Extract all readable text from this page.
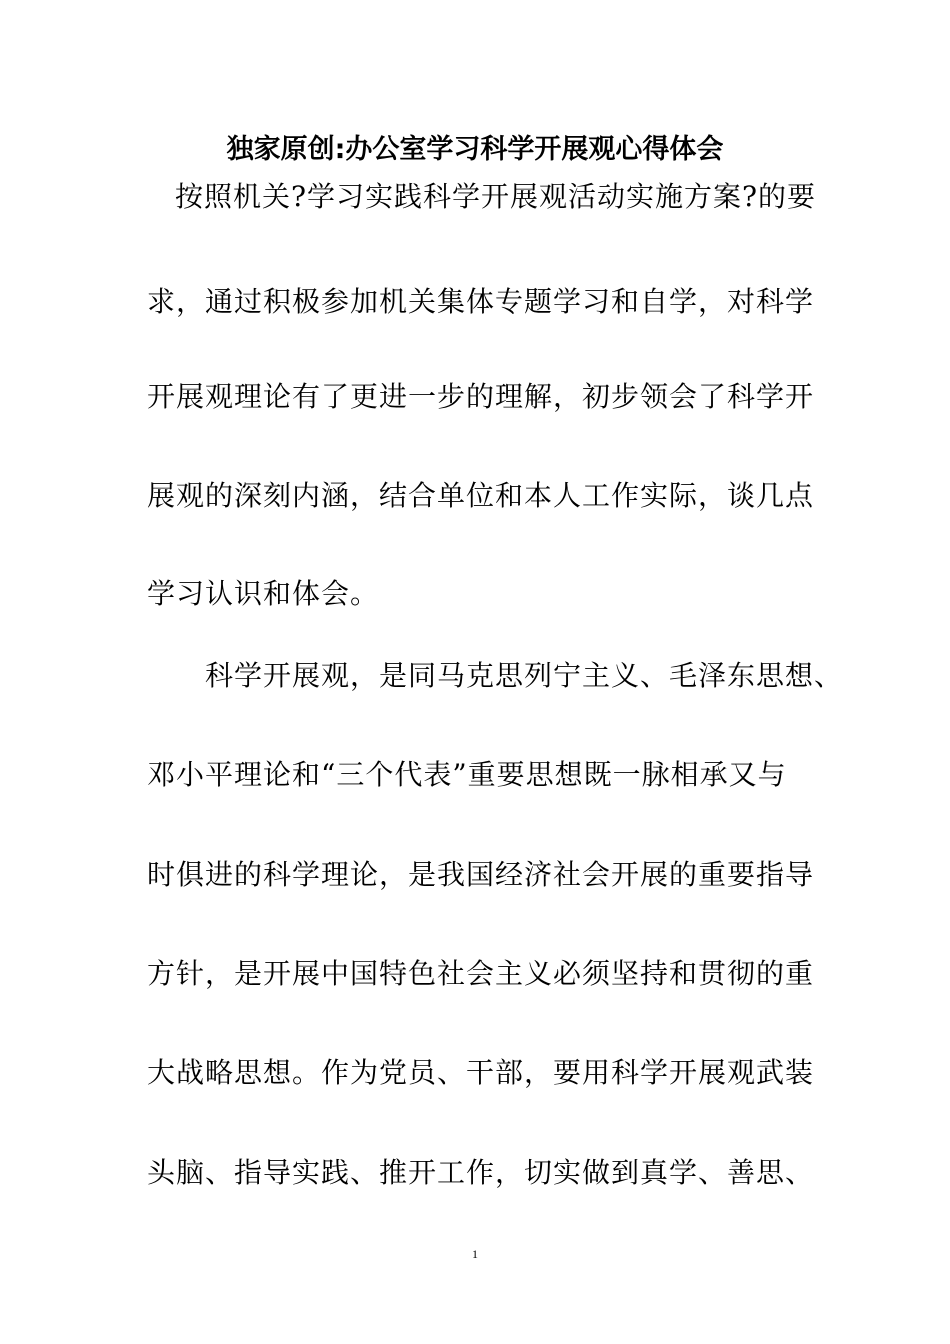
独家原创:办公室学习科学开展观心得体会
按照机关?学习实践科学开展观活动实施方案?的要
求，通过积极参加机关集体专题学习和自学，对科学
开展观理论有了更进一步的理解，初步领会了科学开
展观的深刻内涵，结合单位和本人工作实际，谈几点
学习认识和体会。
科学开展观，是同马克思列宁主义、毛泽东思想、
邓小平理论和“三个代表”重要思想既一脉相承又与
时俱进的科学理论，是我国经济社会开展的重要指导
方针，是开展中国特色社会主义必须坚持和贯彻的重
大战略思想。作为党员、干部，要用科学开展观武装
头脑、指导实践、推开工作，切实做到真学、善思、
1
